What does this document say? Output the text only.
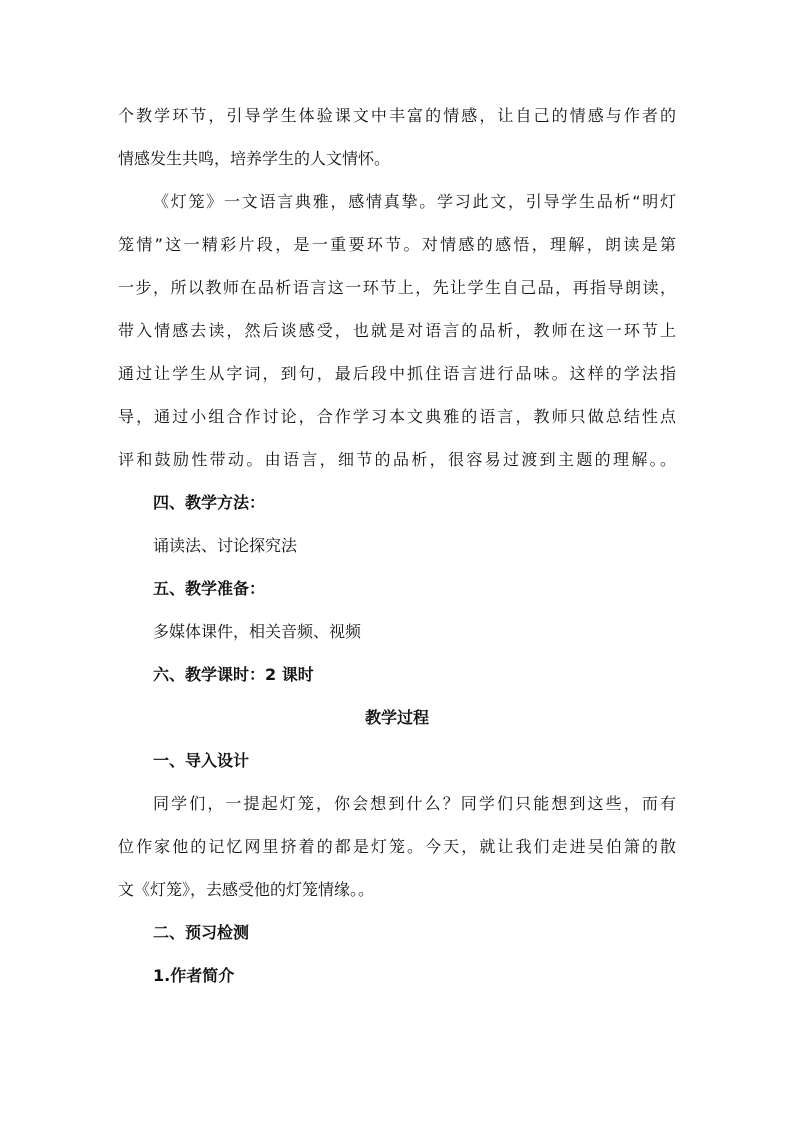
个教学环节，引导学生体验课文中丰富的情感，让自己的情感与作者的
情感发生共鸣，培养学生的人文情怀。
《灯笼》一文语言典雅，感情真挚。学习此文，引导学生品析“明灯
笼情”这一精彩片段，是一重要环节。对情感的感悟，理解，朗读是第
一步，所以教师在品析语言这一环节上，先让学生自己品，再指导朗读，
带入情感去读，然后谈感受，也就是对语言的品析，教师在这一环节上
通过让学生从字词，到句，最后段中抓住语言进行品味。这样的学法指
导，通过小组合作讨论，合作学习本文典雅的语言，教师只做总结性点
评和鼓励性带动。由语言，细节的品析，很容易过渡到主题的理解。。
四、教学方法：
诵读法、讨论探究法
五、教学准备：
多媒体课件，相关音频、视频
六、教学课时：2 课时
教学过程
一、导入设计
同学们，一提起灯笼，你会想到什么？同学们只能想到这些，而有
位作家他的记忆网里挤着的都是灯笼。今天，就让我们走进吴伯箫的散
文《灯笼》，去感受他的灯笼情缘。。
二、预习检测
1.作者简介
